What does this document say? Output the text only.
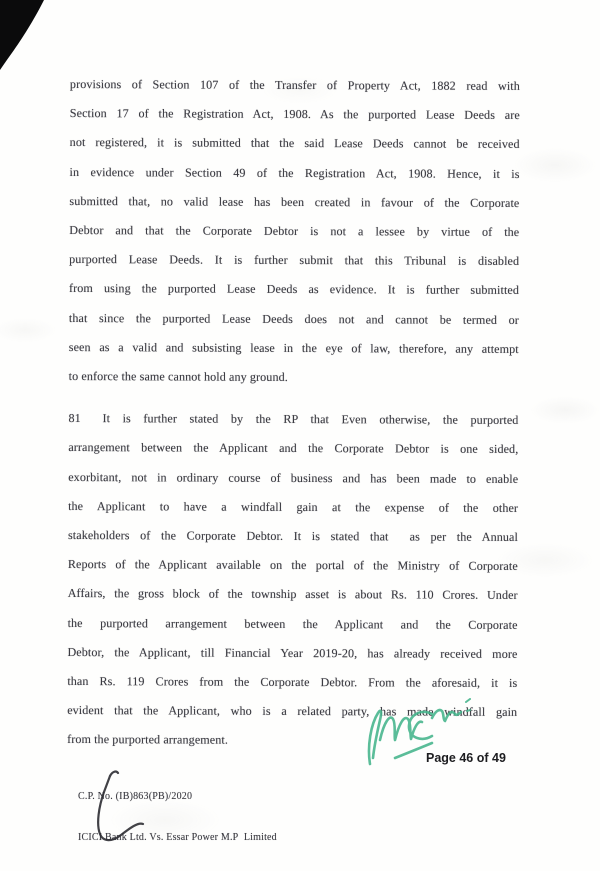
provisions of Section 107 of the Transfer of Property Act, 1882 read with
Section 17 of the Registration Act, 1908. As the purported Lease Deeds are
not registered, it is submitted that the said Lease Deeds cannot be received
in evidence under Section 49 of the Registration Act, 1908. Hence, it is
submitted that, no valid lease has been created in favour of the Corporate
Debtor and that the Corporate Debtor is not a lessee by virtue of the
purported Lease Deeds. It is further submit that this Tribunal is disabled
from using the purported Lease Deeds as evidence. It is further submitted
that since the purported Lease Deeds does not and cannot be termed or
seen as a valid and subsisting lease in the eye of law, therefore, any attempt
to enforce the same cannot hold any ground.
81 It is further stated by the RP that Even otherwise, the purported
arrangement between the Applicant and the Corporate Debtor is one sided,
exorbitant, not in ordinary course of business and has been made to enable
the Applicant to have a windfall gain at the expense of the other
stakeholders of the Corporate Debtor. It is stated that  as per the Annual
Reports of the Applicant available on the portal of the Ministry of Corporate
Affairs, the gross block of the township asset is about Rs. 110 Crores. Under
the purported arrangement between the Applicant and the Corporate
Debtor, the Applicant, till Financial Year 2019-20, has already received more
than Rs. 119 Crores from the Corporate Debtor. From the aforesaid, it is
evident that the Applicant, who is a related party, has made windfall gain
from the purported arrangement.

C.P. No. (IB)863(PB)/2020

ICICI Bank Ltd. Vs. Essar Power M.P  Limited

Page 46 of 49
